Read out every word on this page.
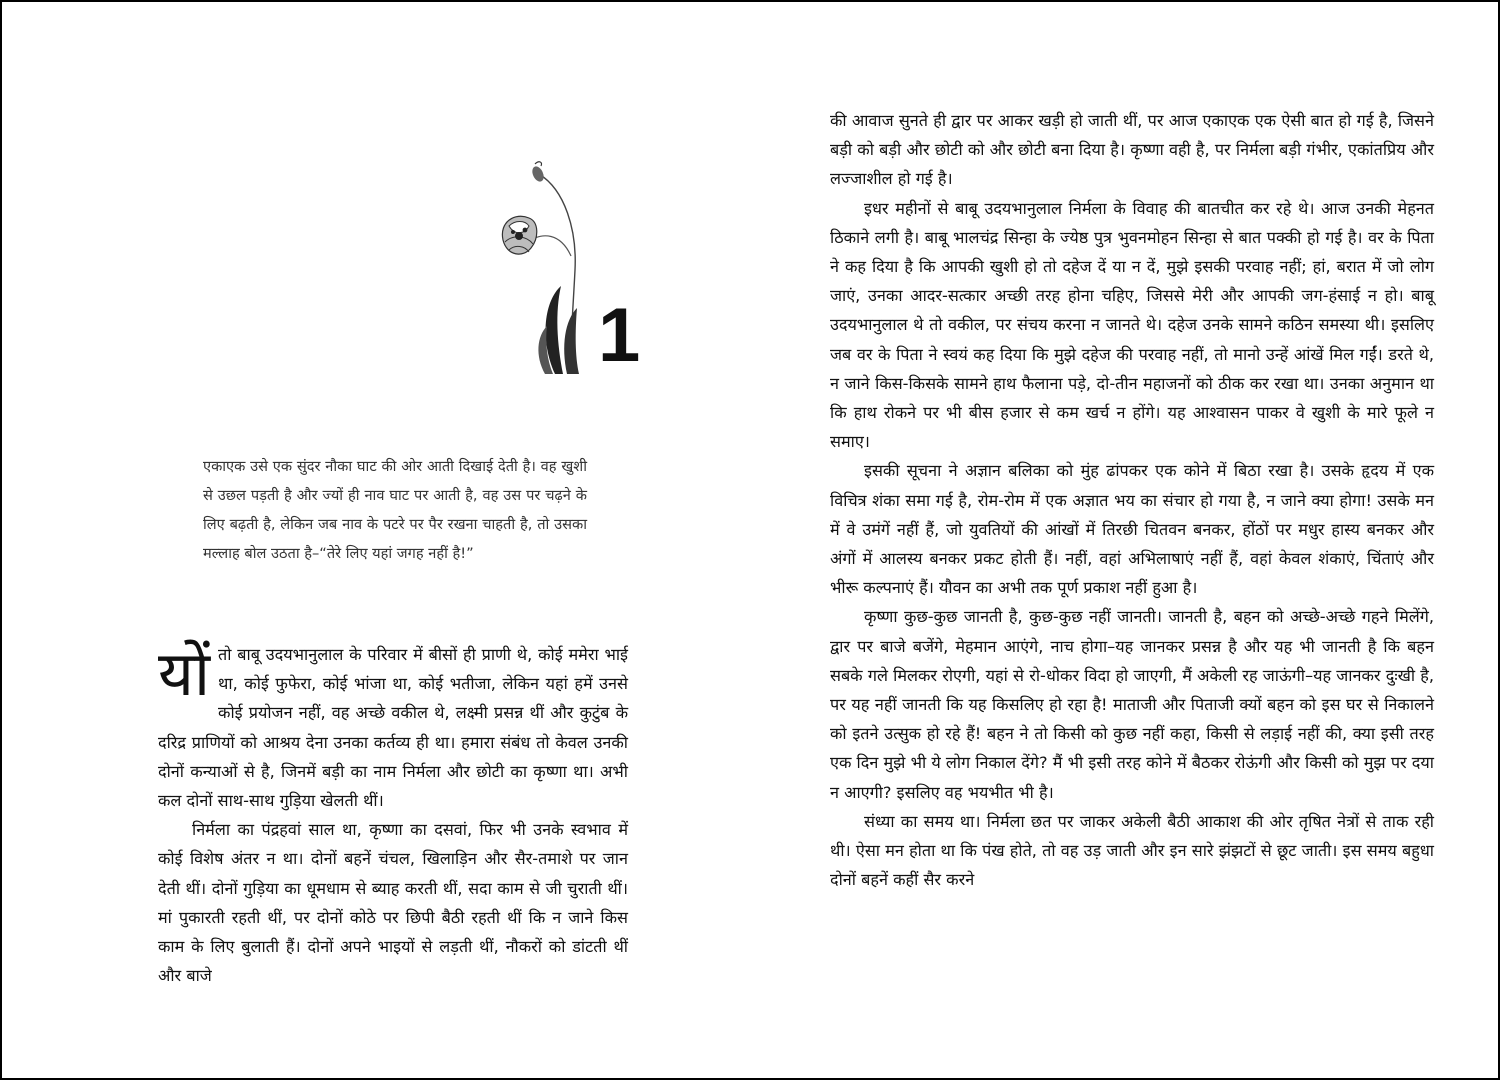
1

एकाएक उसे एक सुंदर नौका घाट की ओर आती दिखाई देती है। वह खुशी से उछल पड़ती है और ज्यों ही नाव घाट पर आती है, वह उस पर चढ़ने के लिए बढ़ती है, लेकिन जब नाव के पटरे पर पैर रखना चाहती है, तो उसका मल्लाह बोल उठता है–“तेरे लिए यहां जगह नहीं है!”

यों तो बाबू उदयभानुलाल के परिवार में बीसों ही प्राणी थे, कोई ममेरा भाई था, कोई फुफेरा, कोई भांजा था, कोई भतीजा, लेकिन यहां हमें उनसे कोई प्रयोजन नहीं, वह अच्छे वकील थे, लक्ष्मी प्रसन्न थीं और कुटुंब के दरिद्र प्राणियों को आश्रय देना उनका कर्तव्य ही था। हमारा संबंध तो केवल उनकी दोनों कन्याओं से है, जिनमें बड़ी का नाम निर्मला और छोटी का कृष्णा था। अभी कल दोनों साथ-साथ गुड़िया खेलती थीं।

निर्मला का पंद्रहवां साल था, कृष्णा का दसवां, फिर भी उनके स्वभाव में कोई विशेष अंतर न था। दोनों बहनें चंचल, खिलाड़िन और सैर-तमाशे पर जान देती थीं। दोनों गुड़िया का धूमधाम से ब्याह करती थीं, सदा काम से जी चुराती थीं। मां पुकारती रहती थीं, पर दोनों कोठे पर छिपी बैठी रहती थीं कि न जाने किस काम के लिए बुलाती हैं। दोनों अपने भाइयों से लड़ती थीं, नौकरों को डांटती थीं और बाजे

की आवाज सुनते ही द्वार पर आकर खड़ी हो जाती थीं, पर आज एकाएक एक ऐसी बात हो गई है, जिसने बड़ी को बड़ी और छोटी को और छोटी बना दिया है। कृष्णा वही है, पर निर्मला बड़ी गंभीर, एकांतप्रिय और लज्जाशील हो गई है।

इधर महीनों से बाबू उदयभानुलाल निर्मला के विवाह की बातचीत कर रहे थे। आज उनकी मेहनत ठिकाने लगी है। बाबू भालचंद्र सिन्हा के ज्येष्ठ पुत्र भुवनमोहन सिन्हा से बात पक्की हो गई है। वर के पिता ने कह दिया है कि आपकी खुशी हो तो दहेज दें या न दें, मुझे इसकी परवाह नहीं; हां, बरात में जो लोग जाएं, उनका आदर-सत्कार अच्छी तरह होना चहिए, जिससे मेरी और आपकी जग-हंसाई न हो। बाबू उदयभानुलाल थे तो वकील, पर संचय करना न जानते थे। दहेज उनके सामने कठिन समस्या थी। इसलिए जब वर के पिता ने स्वयं कह दिया कि मुझे दहेज की परवाह नहीं, तो मानो उन्हें आंखें मिल गईं। डरते थे, न जाने किस-किसके सामने हाथ फैलाना पड़े, दो-तीन महाजनों को ठीक कर रखा था। उनका अनुमान था कि हाथ रोकने पर भी बीस हजार से कम खर्च न होंगे। यह आश्वासन पाकर वे खुशी के मारे फूले न समाए।

इसकी सूचना ने अज्ञान बलिका को मुंह ढांपकर एक कोने में बिठा रखा है। उसके हृदय में एक विचित्र शंका समा गई है, रोम-रोम में एक अज्ञात भय का संचार हो गया है, न जाने क्या होगा! उसके मन में वे उमंगें नहीं हैं, जो युवतियों की आंखों में तिरछी चितवन बनकर, होंठों पर मधुर हास्य बनकर और अंगों में आलस्य बनकर प्रकट होती हैं। नहीं, वहां अभिलाषाएं नहीं हैं, वहां केवल शंकाएं, चिंताएं और भीरू कल्पनाएं हैं। यौवन का अभी तक पूर्ण प्रकाश नहीं हुआ है।

कृष्णा कुछ-कुछ जानती है, कुछ-कुछ नहीं जानती। जानती है, बहन को अच्छे-अच्छे गहने मिलेंगे, द्वार पर बाजे बजेंगे, मेहमान आएंगे, नाच होगा–यह जानकर प्रसन्न है और यह भी जानती है कि बहन सबके गले मिलकर रोएगी, यहां से रो-धोकर विदा हो जाएगी, मैं अकेली रह जाऊंगी–यह जानकर दुःखी है, पर यह नहीं जानती कि यह किसलिए हो रहा है! माताजी और पिताजी क्यों बहन को इस घर से निकालने को इतने उत्सुक हो रहे हैं! बहन ने तो किसी को कुछ नहीं कहा, किसी से लड़ाई नहीं की, क्या इसी तरह एक दिन मुझे भी ये लोग निकाल देंगे? मैं भी इसी तरह कोने में बैठकर रोऊंगी और किसी को मुझ पर दया न आएगी? इसलिए वह भयभीत भी है।

संध्या का समय था। निर्मला छत पर जाकर अकेली बैठी आकाश की ओर तृषित नेत्रों से ताक रही थी। ऐसा मन होता था कि पंख होते, तो वह उड़ जाती और इन सारे झंझटों से छूट जाती। इस समय बहुधा दोनों बहनें कहीं सैर करने
